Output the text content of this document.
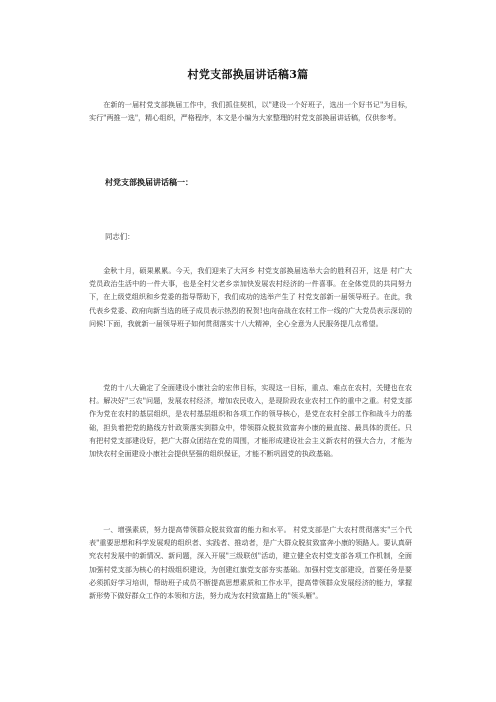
村党支部换届讲话稿3篇

在新的一届村党支部换届工作中，我们抓住契机，以"建设一个好班子，选出一个好书记"为目标，实行"两推一选"，精心组织，严格程序，本文是小编为大家整理的村党支部换届讲话稿，仅供参考。

村党支部换届讲话稿一：

同志们：

金秋十月，硕果累累。今天，我们迎来了大河乡 村党支部换届选举大会的胜利召开，这是 村广大党员政治生活中的一件大事，也是全村父老乡亲加快发展农村经济的一件喜事。在全体党员的共同努力下，在上级党组织和乡党委的指导帮助下，我们成功的选举产生了 村党支部新一届领导班子。在此，我代表乡党委、政府向新当选的班子成员表示热烈的祝贺!也向奋战在农村工作一线的广大党员表示深切的问候!下面，我就新一届领导班子如何贯彻落实十八大精神，全心全意为人民服务提几点希望。

党的十八大确定了全面建设小康社会的宏伟目标，实现这一目标，重点、难点在农村，关键也在农村。解决好"三农"问题，发展农村经济，增加农民收入，是现阶段农业农村工作的重中之重。村党支部作为党在农村的基层组织，是农村基层组织和各项工作的领导核心，是党在农村全部工作和战斗力的基础，担负着把党的路线方针政策落实到群众中，带领群众脱贫致富奔小康的最直接、最具体的责任。只有把村党支部建设好，把广大群众团结在党的周围，才能形成建设社会主义新农村的强大合力，才能为加快农村全面建设小康社会提供坚强的组织保证，才能不断巩固党的执政基础。

一、增强素质，努力提高带领群众脱贫致富的能力和水平。 村党支部是广大农村贯彻落实"三个代表"重要思想和科学发展观的组织者、实践者、推动者，是广大群众脱贫致富奔小康的领路人。要认真研究农村发展中的新情况、新问题，深入开展"三级联创"活动，建立健全农村党支部各项工作机制，全面加强村党支部为核心的村级组织建设，为创建红旗党支部夯实基础。加强村党支部建设，首要任务是要必须抓好学习培训，帮助班子成员不断提高思想素质和工作水平，提高带领群众发展经济的能力，掌握新形势下做好群众工作的本领和方法，努力成为农村致富路上的"领头雁"。
